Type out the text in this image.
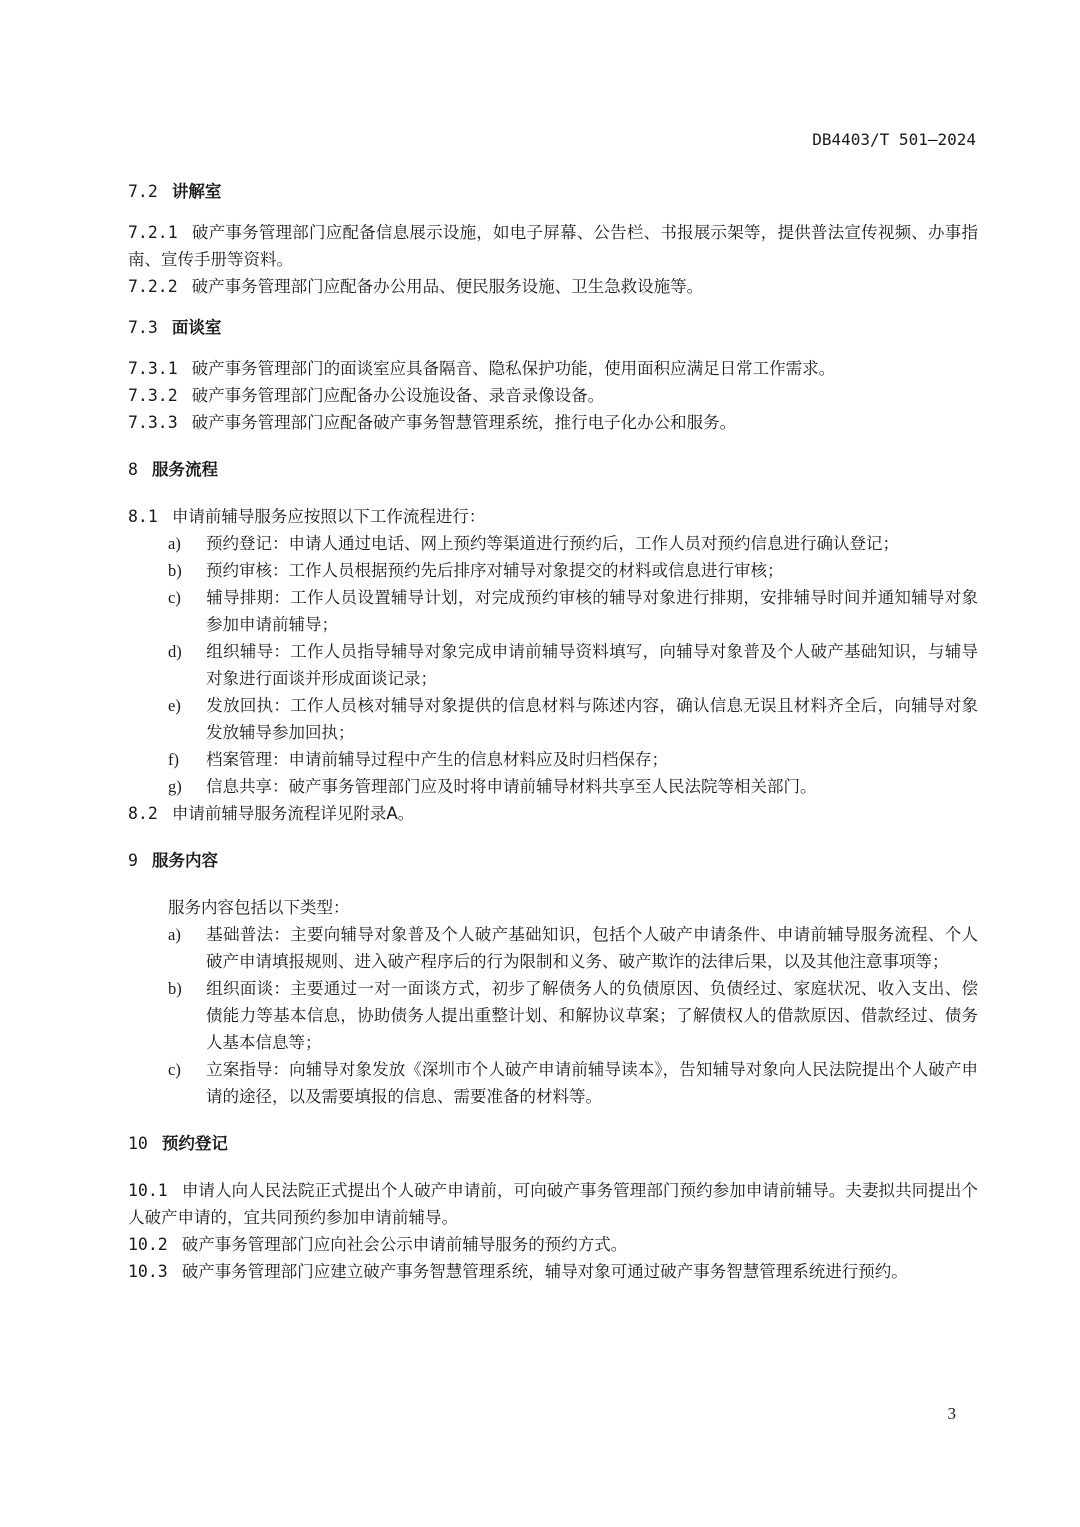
DB4403/T 501—2024

7.2 讲解室

7.2.1 破产事务管理部门应配备信息展示设施，如电子屏幕、公告栏、书报展示架等，提供普法宣传视频、办事指南、宣传手册等资料。

7.2.2 破产事务管理部门应配备办公用品、便民服务设施、卫生急救设施等。

7.3 面谈室

7.3.1 破产事务管理部门的面谈室应具备隔音、隐私保护功能，使用面积应满足日常工作需求。

7.3.2 破产事务管理部门应配备办公设施设备、录音录像设备。

7.3.3 破产事务管理部门应配备破产事务智慧管理系统，推行电子化办公和服务。

8 服务流程

8.1 申请前辅导服务应按照以下工作流程进行：

a) 预约登记：申请人通过电话、网上预约等渠道进行预约后，工作人员对预约信息进行确认登记；

b) 预约审核：工作人员根据预约先后排序对辅导对象提交的材料或信息进行审核；

c) 辅导排期：工作人员设置辅导计划，对完成预约审核的辅导对象进行排期，安排辅导时间并通知辅导对象参加申请前辅导；

d) 组织辅导：工作人员指导辅导对象完成申请前辅导资料填写，向辅导对象普及个人破产基础知识，与辅导对象进行面谈并形成面谈记录；

e) 发放回执：工作人员核对辅导对象提供的信息材料与陈述内容，确认信息无误且材料齐全后，向辅导对象发放辅导参加回执；

f) 档案管理：申请前辅导过程中产生的信息材料应及时归档保存；

g) 信息共享：破产事务管理部门应及时将申请前辅导材料共享至人民法院等相关部门。

8.2 申请前辅导服务流程详见附录A。

9 服务内容

服务内容包括以下类型：

a) 基础普法：主要向辅导对象普及个人破产基础知识，包括个人破产申请条件、申请前辅导服务流程、个人破产申请填报规则、进入破产程序后的行为限制和义务、破产欺诈的法律后果，以及其他注意事项等；

b) 组织面谈：主要通过一对一面谈方式，初步了解债务人的负债原因、负债经过、家庭状况、收入支出、偿债能力等基本信息，协助债务人提出重整计划、和解协议草案；了解债权人的借款原因、借款经过、债务人基本信息等；

c) 立案指导：向辅导对象发放《深圳市个人破产申请前辅导读本》，告知辅导对象向人民法院提出个人破产申请的途径，以及需要填报的信息、需要准备的材料等。

10 预约登记

10.1 申请人向人民法院正式提出个人破产申请前，可向破产事务管理部门预约参加申请前辅导。夫妻拟共同提出个人破产申请的，宜共同预约参加申请前辅导。

10.2 破产事务管理部门应向社会公示申请前辅导服务的预约方式。

10.3 破产事务管理部门应建立破产事务智慧管理系统，辅导对象可通过破产事务智慧管理系统进行预约。

3
